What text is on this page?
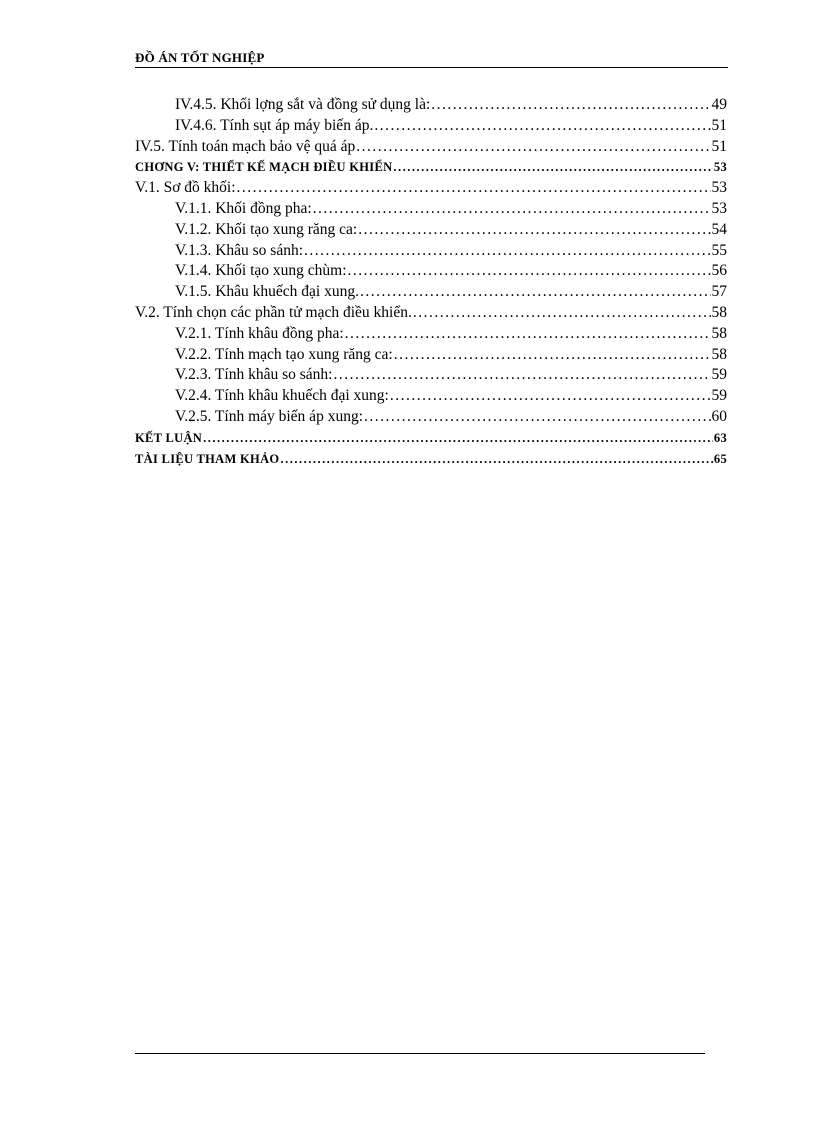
ĐỒ ÁN TỐT NGHIỆP
IV.4.5. Khối lợng sắt và đồng sử dụng là: .....	49
IV.4.6. Tính sụt áp máy biến áp. .....	51
IV.5. Tính toán mạch bảo vệ quá áp .....	51
CHƠNG V: THIẾT KẾ MẠCH ĐIỀU KHIỂN .....	53
V.1. Sơ đồ khối: .....	53
V.1.1. Khối đồng pha: .....	53
V.1.2. Khối tạo xung răng ca: .....	54
V.1.3. Khâu so sánh: .....	55
V.1.4. Khối tạo xung chùm: .....	56
V.1.5. Khâu khuếch đại xung. .....	57
V.2. Tính chọn các phần tử mạch điều khiển. .....	58
V.2.1. Tính khâu đồng pha: .....	58
V.2.2. Tính mạch tạo xung răng ca: .....	58
V.2.3. Tính khâu so sánh: .....	59
V.2.4. Tính khâu khuếch đại xung: .....	59
V.2.5. Tính máy biến áp xung: .....	60
KẾT LUẬN .....	63
TÀI LIỆU THAM KHẢO .....	65
